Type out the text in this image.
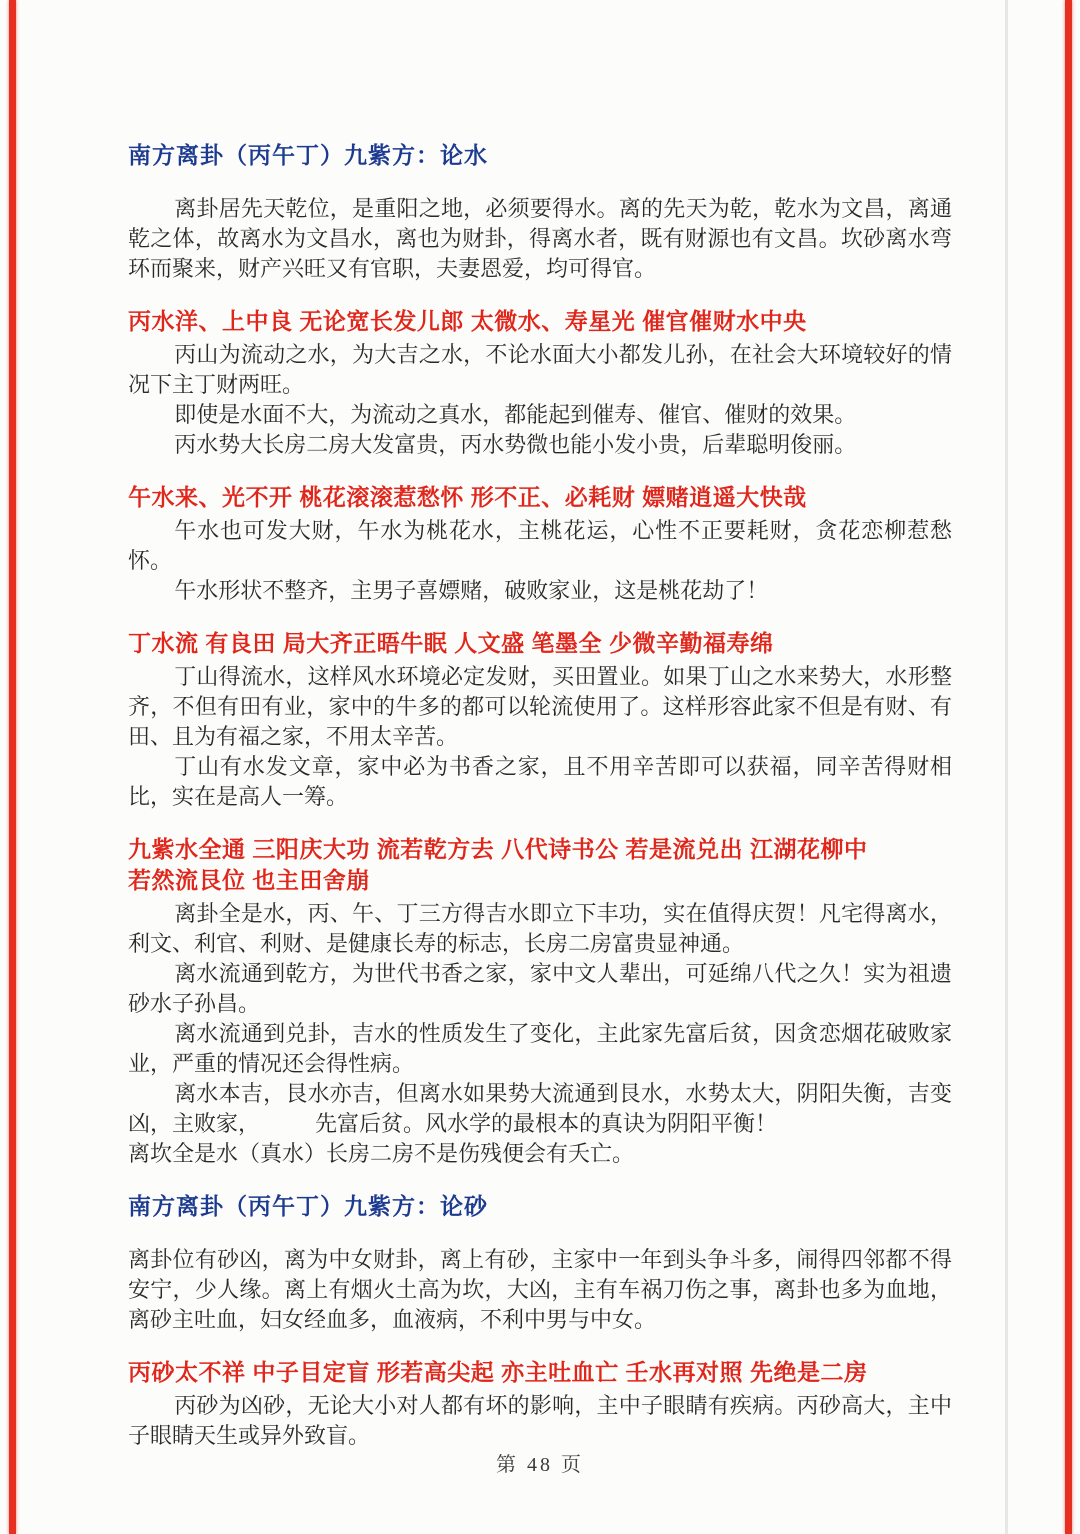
南方离卦（丙午丁）九紫方：论水

离卦居先天乾位，是重阳之地，必须要得水。离的先天为乾，乾水为文昌，离通乾之体，故离水为文昌水，离也为财卦，得离水者，既有财源也有文昌。坎砂离水弯环而聚来，财产兴旺又有官职，夫妻恩爱，均可得官。

丙水洋、上中良 无论宽长发儿郎 太微水、寿星光 催官催财水中央

丙山为流动之水，为大吉之水，不论水面大小都发儿孙，在社会大环境较好的情况下主丁财两旺。

即使是水面不大，为流动之真水，都能起到催寿、催官、催财的效果。

丙水势大长房二房大发富贵，丙水势微也能小发小贵，后辈聪明俊丽。

午水来、光不开 桃花滚滚惹愁怀 形不正、必耗财 嫖赌逍遥大快哉

午水也可发大财，午水为桃花水，主桃花运，心性不正要耗财，贪花恋柳惹愁怀。

午水形状不整齐，主男子喜嫖赌，破败家业，这是桃花劫了！

丁水流 有良田 局大齐正晤牛眠 人文盛 笔墨全 少微辛勤福寿绵

丁山得流水，这样风水环境必定发财，买田置业。如果丁山之水来势大，水形整齐，不但有田有业，家中的牛多的都可以轮流使用了。这样形容此家不但是有财、有田、且为有福之家，不用太辛苦。

丁山有水发文章，家中必为书香之家，且不用辛苦即可以获福，同辛苦得财相比，实在是高人一筹。

九紫水全通 三阳庆大功 流若乾方去 八代诗书公 若是流兑出 江湖花柳中
若然流艮位 也主田舍崩

离卦全是水，丙、午、丁三方得吉水即立下丰功，实在值得庆贺！凡宅得离水，利文、利官、利财、是健康长寿的标志，长房二房富贵显神通。

离水流通到乾方，为世代书香之家，家中文人辈出，可延绵八代之久！实为祖遗砂水子孙昌。

离水流通到兑卦，吉水的性质发生了变化，主此家先富后贫，因贪恋烟花破败家业，严重的情况还会得性病。

离水本吉，艮水亦吉，但离水如果势大流通到艮水，水势太大，阴阳失衡，吉变凶，主败家，　　　先富后贫。风水学的最根本的真诀为阴阳平衡！

离坎全是水（真水）长房二房不是伤残便会有夭亡。

南方离卦（丙午丁）九紫方：论砂

离卦位有砂凶，离为中女财卦，离上有砂，主家中一年到头争斗多，闹得四邻都不得安宁，少人缘。离上有烟火土高为坎，大凶，主有车祸刀伤之事，离卦也多为血地，离砂主吐血，妇女经血多，血液病，不利中男与中女。

丙砂太不祥 中子目定盲 形若高尖起 亦主吐血亡 壬水再对照 先绝是二房

丙砂为凶砂，无论大小对人都有坏的影响，主中子眼睛有疾病。丙砂高大，主中子眼睛天生或异外致盲。

第 48 页
